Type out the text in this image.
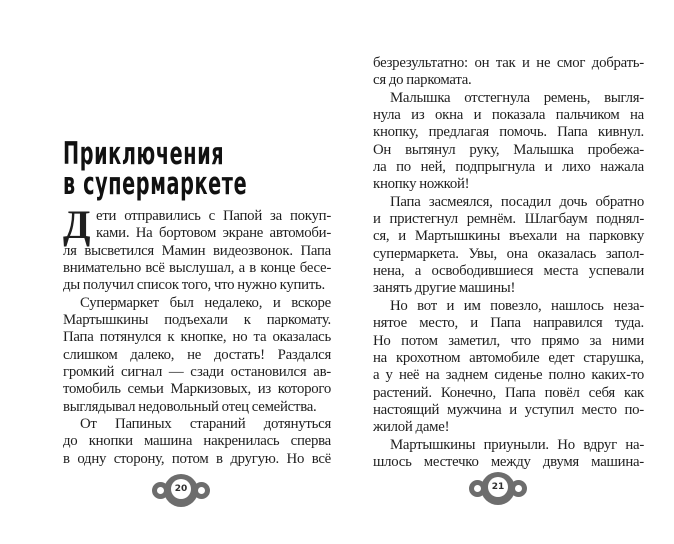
Приключения
в супермаркете
Д ети отправились с Папой за покуп-
ками. На бортовом экране автомоби-
ля высветился Мамин видеозвонок. Папа
внимательно всё выслушал, а в конце бесе-
ды получил список того, что нужно купить.
Супермаркет был недалеко, и вскоре
Мартышкины подъехали к паркомату.
Папа потянулся к кнопке, но та оказалась
слишком далеко, не достать! Раздался
громкий сигнал — сзади остановился ав-
томобиль семьи Маркизовых, из которого
выглядывал недовольный отец семейства.
От Папиных стараний дотянуться
до кнопки машина накренилась сперва
в одну сторону, потом в другую. Но всё
20
безрезультатно: он так и не смог добрать-
ся до паркомата.
Малышка отстегнула ремень, выгля-
нула из окна и показала пальчиком на
кнопку, предлагая помочь. Папа кивнул.
Он вытянул руку, Малышка пробежа-
ла по ней, подпрыгнула и лихо нажала
кнопку ножкой!
Папа засмеялся, посадил дочь обратно
и пристегнул ремнём. Шлагбаум поднял-
ся, и Мартышкины въехали на парковку
супермаркета. Увы, она оказалась запол-
нена, а освободившиеся места успевали
занять другие машины!
Но вот и им повезло, нашлось неза-
нятое место, и Папа направился туда.
Но потом заметил, что прямо за ними
на крохотном автомобиле едет старушка,
а у неё на заднем сиденье полно каких-то
растений. Конечно, Папа повёл себя как
настоящий мужчина и уступил место по-
жилой даме!
Мартышкины приуныли. Но вдруг на-
шлось местечко между двумя машина-
21
